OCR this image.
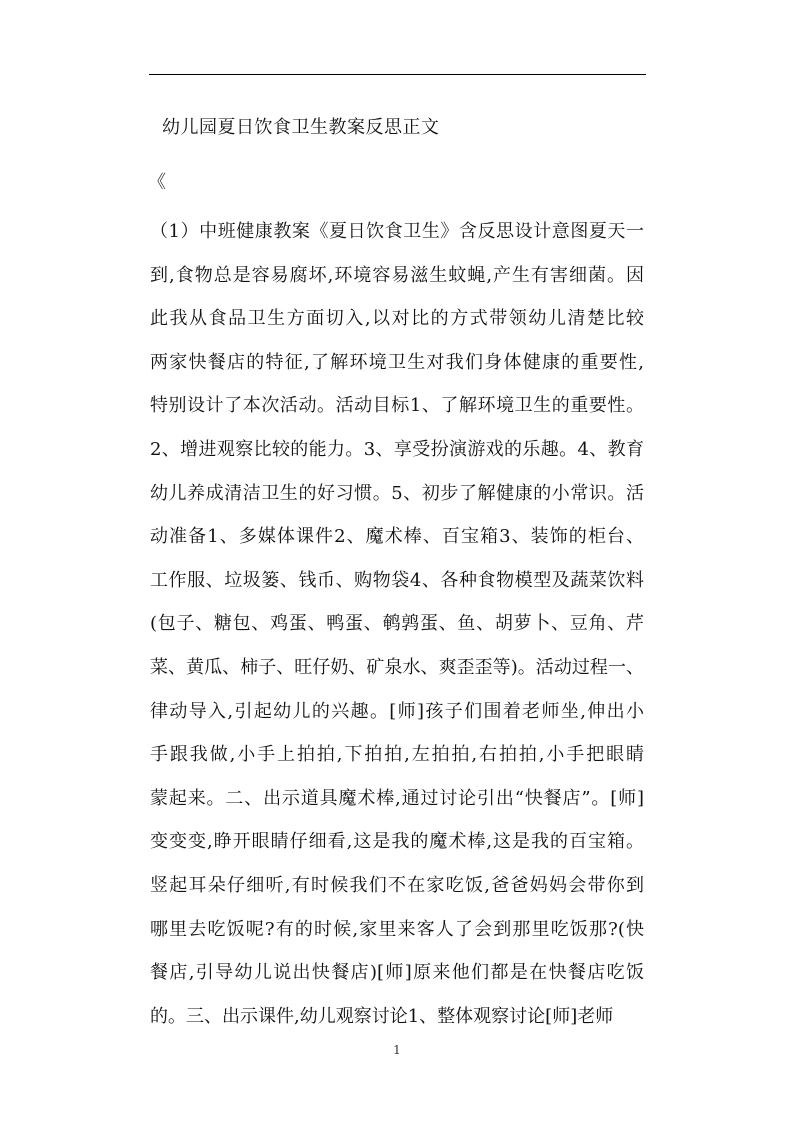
幼儿园夏日饮食卫生教案反思正文
《
（1）中班健康教案《夏日饮食卫生》含反思设计意图夏天一
到,食物总是容易腐坏,环境容易滋生蚊蝇,产生有害细菌。因
此我从食品卫生方面切入,以对比的方式带领幼儿清楚比较
两家快餐店的特征,了解环境卫生对我们身体健康的重要性,
特别设计了本次活动。活动目标1、了解环境卫生的重要性。
2、增进观察比较的能力。3、享受扮演游戏的乐趣。4、教育
幼儿养成清洁卫生的好习惯。5、初步了解健康的小常识。活
动准备1、多媒体课件2、魔术棒、百宝箱3、装饰的柜台、
工作服、垃圾篓、钱币、购物袋4、各种食物模型及蔬菜饮料
(包子、糖包、鸡蛋、鸭蛋、鹌鹑蛋、鱼、胡萝卜、豆角、芹
菜、黄瓜、柿子、旺仔奶、矿泉水、爽歪歪等)。活动过程一、
律动导入,引起幼儿的兴趣。[师]孩子们围着老师坐,伸出小
手跟我做,小手上拍拍,下拍拍,左拍拍,右拍拍,小手把眼睛
蒙起来。二、出示道具魔术棒,通过讨论引出“快餐店”。[师]
变变变,睁开眼睛仔细看,这是我的魔术棒,这是我的百宝箱。
竖起耳朵仔细听,有时候我们不在家吃饭,爸爸妈妈会带你到
哪里去吃饭呢?有的时候,家里来客人了会到那里吃饭那?(快
餐店,引导幼儿说出快餐店)[师]原来他们都是在快餐店吃饭
的。三、出示课件,幼儿观察讨论1、整体观察讨论[师]老师
1
